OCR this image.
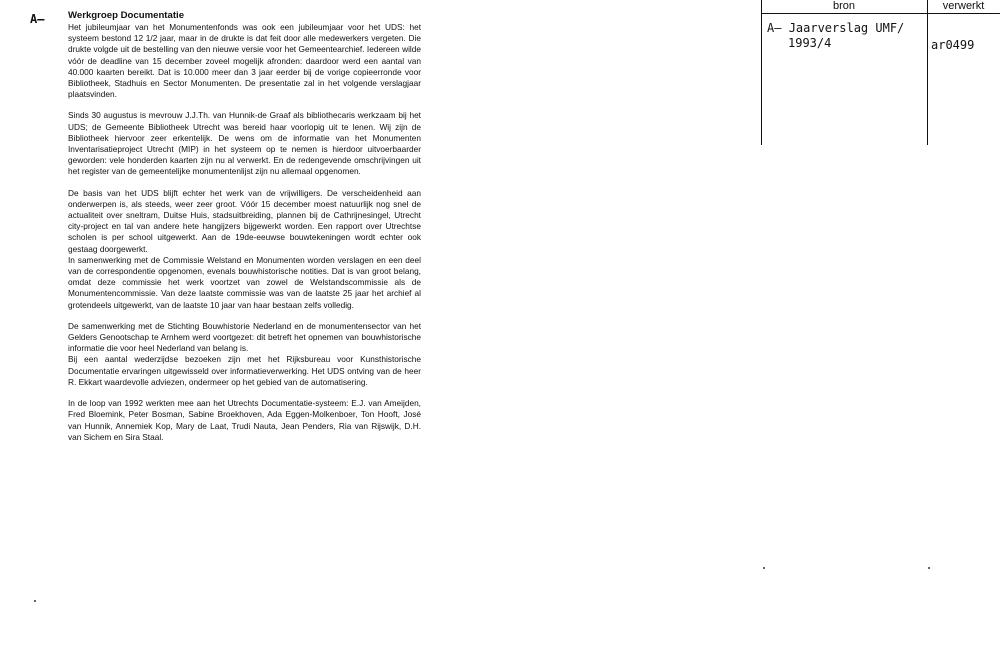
A– Werkgroep Documentatie

Het jubileumjaar van het Monumentenfonds was ook een jubileumjaar voor het UDS: het systeem bestond 12 1/2 jaar, maar in de drukte is dat feit door alle medewerkers vergeten. Die drukte volgde uit de bestelling van den nieuwe versie voor het Gemeentearchief. Iedereen wilde vóór de deadline van 15 december zoveel mogelijk afronden: daardoor werd een aantal van 40.000 kaarten bereikt. Dat is 10.000 meer dan 3 jaar eerder bij de vorige copieerronde voor Bibliotheek, Stadhuis en Sector Monumenten. De presentatie zal in het volgende verslagjaar plaatsvinden.

Sinds 30 augustus is mevrouw J.J.Th. van Hunnik-de Graaf als bibliothecaris werkzaam bij het UDS; de Gemeente Bibliotheek Utrecht was bereid haar voorlopig uit te lenen. Wij zijn de Bibliotheek hiervoor zeer erkentelijk. De wens om de informatie van het Monumenten Inventarisatieproject Utrecht (MIP) in het systeem op te nemen is hierdoor uitvoerbaarder geworden: vele honderden kaarten zijn nu al verwerkt. En de redengevende omschrijvingen uit het register van de gemeentelijke monumentenlijst zijn nu allemaal opgenomen.

De basis van het UDS blijft echter het werk van de vrijwilligers. De verscheidenheid aan onderwerpen is, als steeds, weer zeer groot. Vóór 15 december moest natuurlijk nog snel de actualiteit over sneltram, Duitse Huis, stadsuitbreiding, plannen bij de Cathrijnesingel, Utrecht city-project en tal van andere hete hangijzers bijgewerkt worden. Een rapport over Utrechtse scholen is per school uitgewerkt. Aan de 19de-eeuwse bouwtekeningen wordt echter ook gestaag doorgewerkt.

In samenwerking met de Commissie Welstand en Monumenten worden verslagen en een deel van de correspondentie opgenomen, evenals bouwhistorische notities. Dat is van groot belang, omdat deze commissie het werk voortzet van zowel de Welstandscommissie als de Monumentencommissie. Van deze laatste commissie was van de laatste 25 jaar het archief al grotendeels uitgewerkt, van de laatste 10 jaar van haar bestaan zelfs volledig.

De samenwerking met de Stichting Bouwhistorie Nederland en de monumentensector van het Gelders Genootschap te Arnhem werd voortgezet: dit betreft het opnemen van bouwhistorische informatie die voor heel Nederland van belang is.

Bij een aantal wederzijdse bezoeken zijn met het Rijksbureau voor Kunsthistorische Documentatie ervaringen uitgewisseld over informatieverwerking. Het UDS ontving van de heer R. Ekkart waardevolle adviezen, ondermeer op het gebied van de automatisering.

In de loop van 1992 werkten mee aan het Utrechts Documentatie-systeem: E.J. van Ameijden, Fred Bloemink, Peter Bosman, Sabine Broekhoven, Ada Eggen-Molkenboer, Ton Hooft, José van Hunnik, Annemiek Kop, Mary de Laat, Trudi Nauta, Jean Penders, Ria van Rijswijk, D.H. van Sichem en Sira Staal.

bron	verwerkt
A– Jaarverslag UMF/
1993/4	ar0499
